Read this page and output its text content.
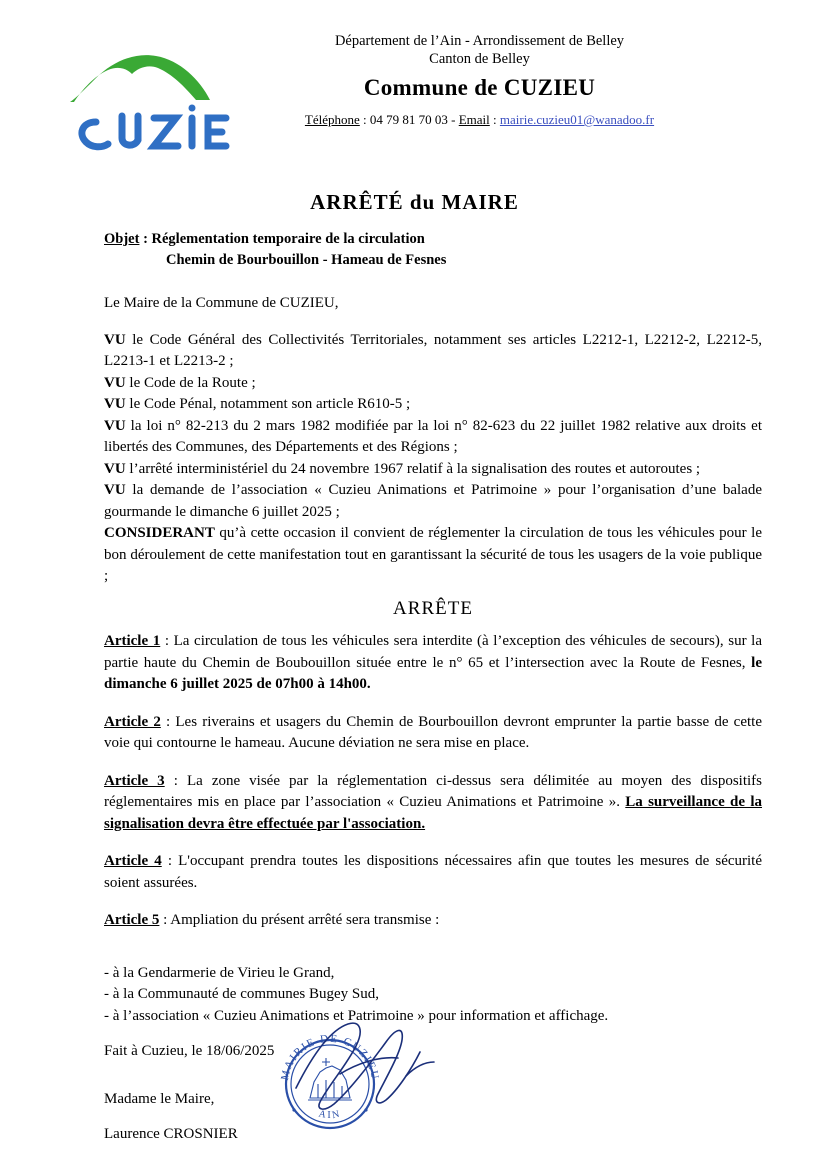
Département de l’Ain - Arrondissement de Belley
Canton de Belley
Commune de CUZIEU
Téléphone : 04 79 81 70 03 - Email : mairie.cuzieu01@wanadoo.fr
ARRÊTÉ du MAIRE
Objet : Réglementation temporaire de la circulation
Chemin de Bourbouillon - Hameau de Fesnes
Le Maire de la Commune de CUZIEU,
VU le Code Général des Collectivités Territoriales, notamment ses articles L2212-1, L2212-2, L2212-5, L2213-1 et L2213-2 ;
VU le Code de la Route ;
VU le Code Pénal, notamment son article R610-5 ;
VU la loi n° 82-213 du 2 mars 1982 modifiée par la loi n° 82-623 du 22 juillet 1982 relative aux droits et libertés des Communes, des Départements et des Régions ;
VU l’arrêté interministériel du 24 novembre 1967 relatif à la signalisation des routes et autoroutes ;
VU la demande de l’association « Cuzieu Animations et Patrimoine » pour l’organisation d’une balade gourmande le dimanche 6 juillet 2025 ;
CONSIDERANT qu’à cette occasion il convient de réglementer la circulation de tous les véhicules pour le bon déroulement de cette manifestation tout en garantissant la sécurité de tous les usagers de la voie publique ;
ARRÊTE
Article 1 : La circulation de tous les véhicules sera interdite (à l’exception des véhicules de secours), sur la partie haute du Chemin de Boubouillon située entre le n° 65 et l’intersection avec la Route de Fesnes, le dimanche 6 juillet 2025 de 07h00 à 14h00.
Article 2 : Les riverains et usagers du Chemin de Bourbouillon devront emprunter la partie basse de cette voie qui contourne le hameau. Aucune déviation ne sera mise en place.
Article 3 : La zone visée par la réglementation ci-dessus sera délimitée au moyen des dispositifs réglementaires mis en place par l’association « Cuzieu Animations et Patrimoine ». La surveillance de la signalisation devra être effectuée par l'association.
Article 4 : L'occupant prendra toutes les dispositions nécessaires afin que toutes les mesures de sécurité soient assurées.
Article 5 : Ampliation du présent arrêté sera transmise :
- à la Gendarmerie de Virieu le Grand,
- à la Communauté de communes Bugey Sud,
- à l’association « Cuzieu Animations et Patrimoine » pour information et affichage.
Fait à Cuzieu, le 18/06/2025
Madame le Maire,
Laurence CROSNIER
MAIRIE DE CUZIEU
AIN
